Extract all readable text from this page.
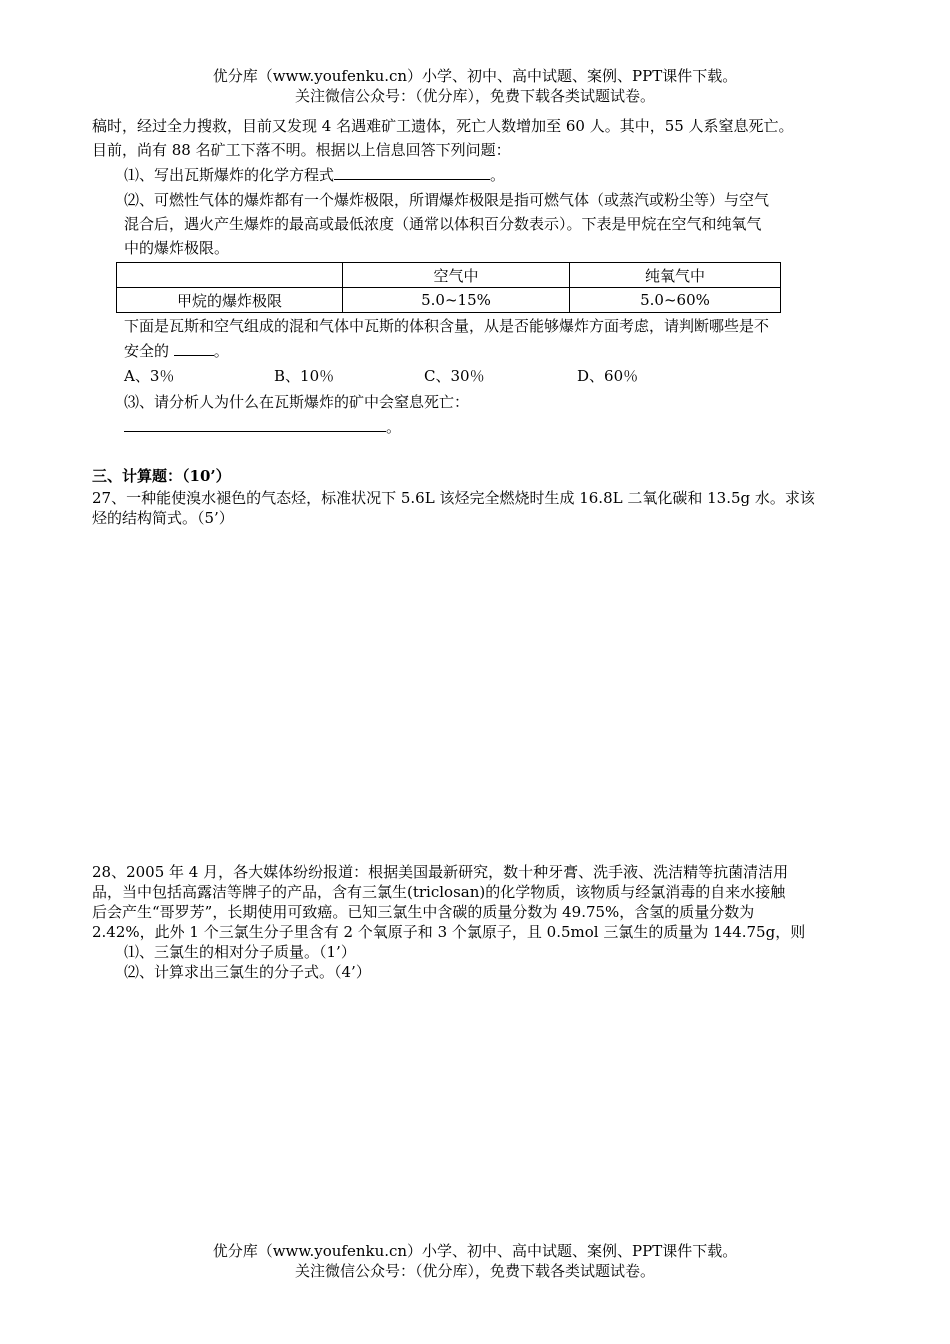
优分库（www.youfenku.cn）小学、初中、高中试题、案例、PPT课件下载。
关注微信公众号：（优分库），免费下载各类试题试卷。
稿时，经过全力搜救，目前又发现 4 名遇难矿工遗体，死亡人数增加至 60 人。其中，55 人系窒息死亡。
目前，尚有 88 名矿工下落不明。根据以上信息回答下列问题：
⑴、写出瓦斯爆炸的化学方程式	。
⑵、可燃性气体的爆炸都有一个爆炸极限，所谓爆炸极限是指可燃气体（或蒸汽或粉尘等）与空气
混合后，遇火产生爆炸的最高或最低浓度（通常以体积百分数表示）。下表是甲烷在空气和纯氧气
中的爆炸极限。
	空气中	纯氧气中
甲烷的爆炸极限	5.0~15%	5.0~60%
下面是瓦斯和空气组成的混和气体中瓦斯的体积含量，从是否能够爆炸方面考虑，请判断哪些是不
安全的	。
A、3％	B、10％	C、30％	D、60％
⑶、请分析人为什么在瓦斯爆炸的矿中会窒息死亡：
。
三、计算题：（10’）
27、一种能使溴水褪色的气态烃，标准状况下 5.6L 该烃完全燃烧时生成 16.8L 二氧化碳和 13.5g 水。求该
烃的结构简式。（5’）
28、2005 年 4 月，各大媒体纷纷报道：根据美国最新研究，数十种牙膏、洗手液、洗洁精等抗菌清洁用
品，当中包括高露洁等牌子的产品，含有三氯生(triclosan)的化学物质，该物质与经氯消毒的自来水接触
后会产生“哥罗芳”，长期使用可致癌。已知三氯生中含碳的质量分数为 49.75%，含氢的质量分数为
2.42%，此外 1 个三氯生分子里含有 2 个氧原子和 3 个氯原子，且 0.5mol 三氯生的质量为 144.75g，则
⑴、三氯生的相对分子质量。（1’）
⑵、计算求出三氯生的分子式。（4’）
优分库（www.youfenku.cn）小学、初中、高中试题、案例、PPT课件下载。
关注微信公众号：（优分库），免费下载各类试题试卷。
